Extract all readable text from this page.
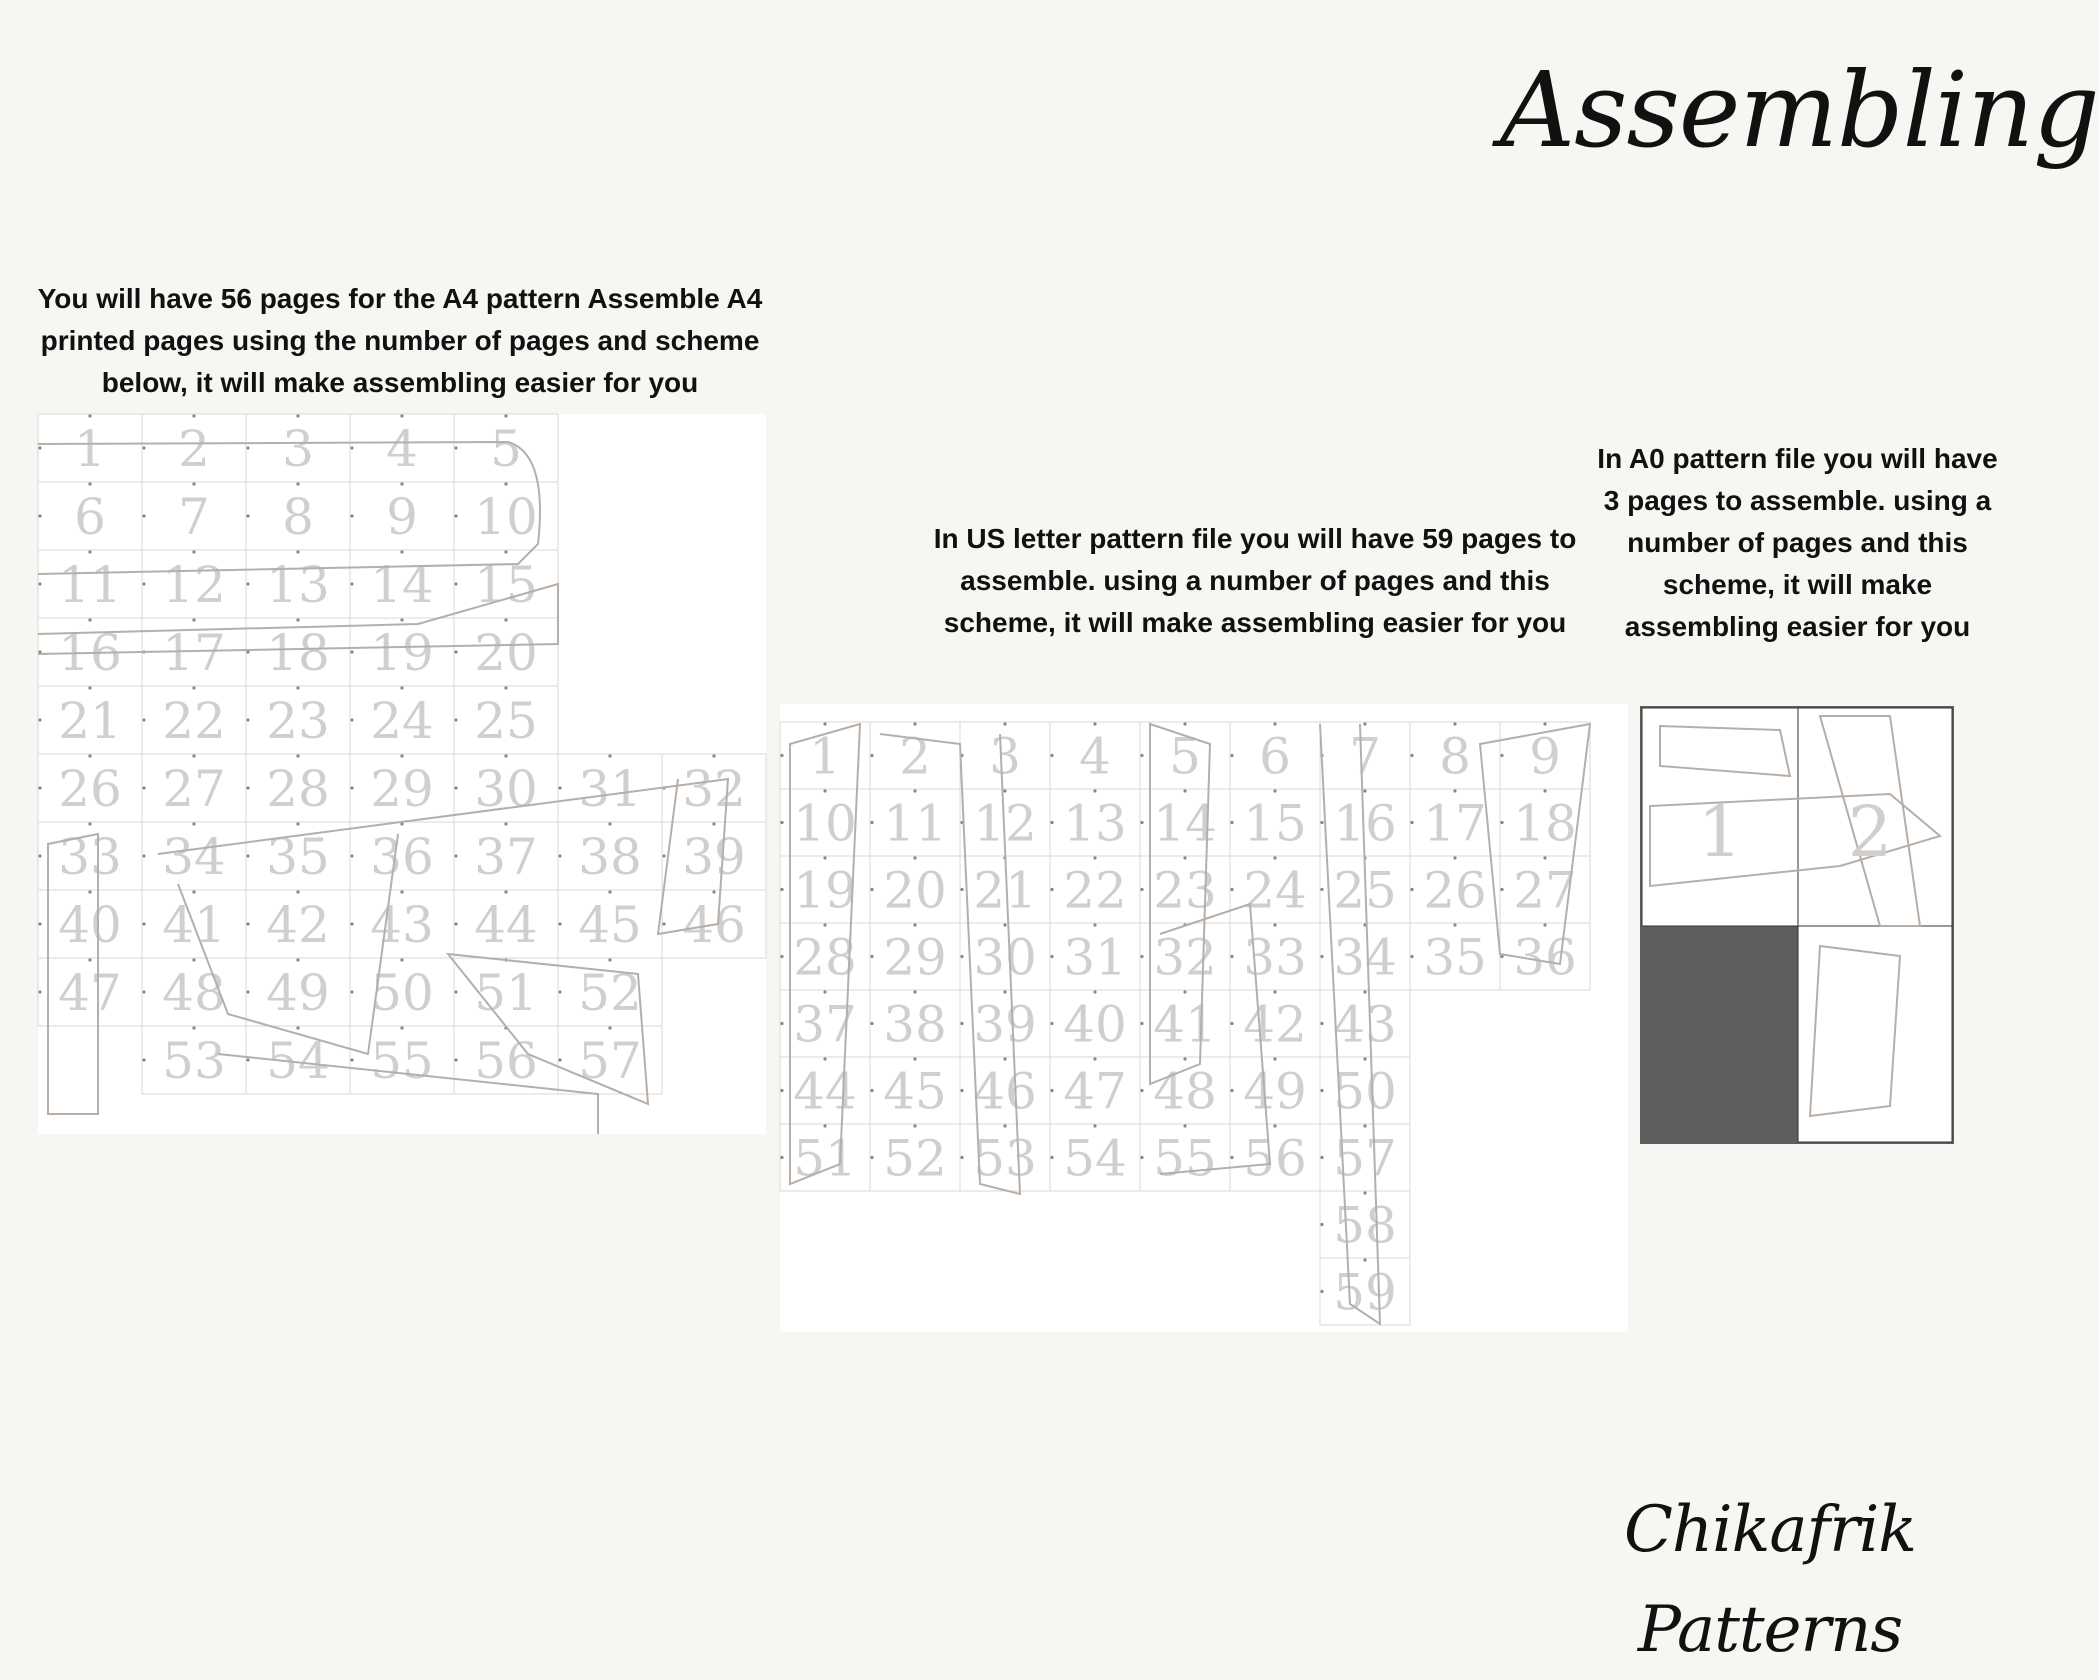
Assembling
You will have 56 pages for the A4 pattern Assemble A4 printed pages using the number of pages and scheme below, it will make assembling easier for you
In US letter pattern file you will have 59 pages to assemble. using a number of pages and this scheme, it will make assembling easier for you
In A0 pattern file you will have 3 pages to assemble. using a number of pages and this scheme, it will make assembling easier for you
1 2 3 4 5
6 7 8 9 10
11 12 13 14 15
16 17 18 19 20
21 22 23 24 25
26 27 28 29 30 31 32
33 34 35 36 37 38 39
40 41 42 43 44 45 46
47 48 49 50 51 52
53 54 55 56 57
1 2 3 4 5 6 7 8 9
10 11 12 13 14 15 16 17 18
19 20 21 22 23 24 25 26 27
28 29 30 31 32 33 34 35 36
37 38 39 40 41 42 43
44 45 46 47 48 49 50
51 52 53 54 55 56 57
58
59
1 2
Chikafrik Patterns
